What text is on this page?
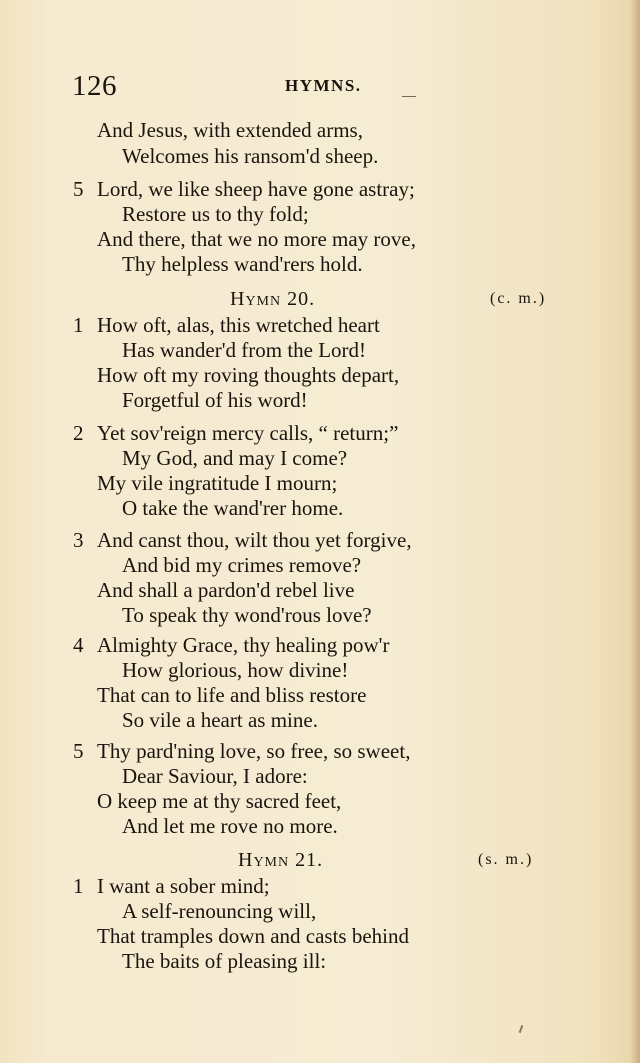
126	HYMNS.
And Jesus, with extended arms,
Welcomes his ransom'd sheep.
5 Lord, we like sheep have gone astray;
Restore us to thy fold;
And there, that we no more may rove,
Thy helpless wand'rers hold.
Hymn 20.	(c. m.)
1 How oft, alas, this wretched heart
Has wander'd from the Lord!
How oft my roving thoughts depart,
Forgetful of his word!
2 Yet sov'reign mercy calls, “ return;”
My God, and may I come?
My vile ingratitude I mourn;
O take the wand'rer home.
3 And canst thou, wilt thou yet forgive,
And bid my crimes remove?
And shall a pardon'd rebel live
To speak thy wond'rous love?
4 Almighty Grace, thy healing pow'r
How glorious, how divine!
That can to life and bliss restore
So vile a heart as mine.
5 Thy pard'ning love, so free, so sweet,
Dear Saviour, I adore:
O keep me at thy sacred feet,
And let me rove no more.
Hymn 21.	(s. m.)
1 I want a sober mind;
A self-renouncing will,
That tramples down and casts behind
The baits of pleasing ill:
